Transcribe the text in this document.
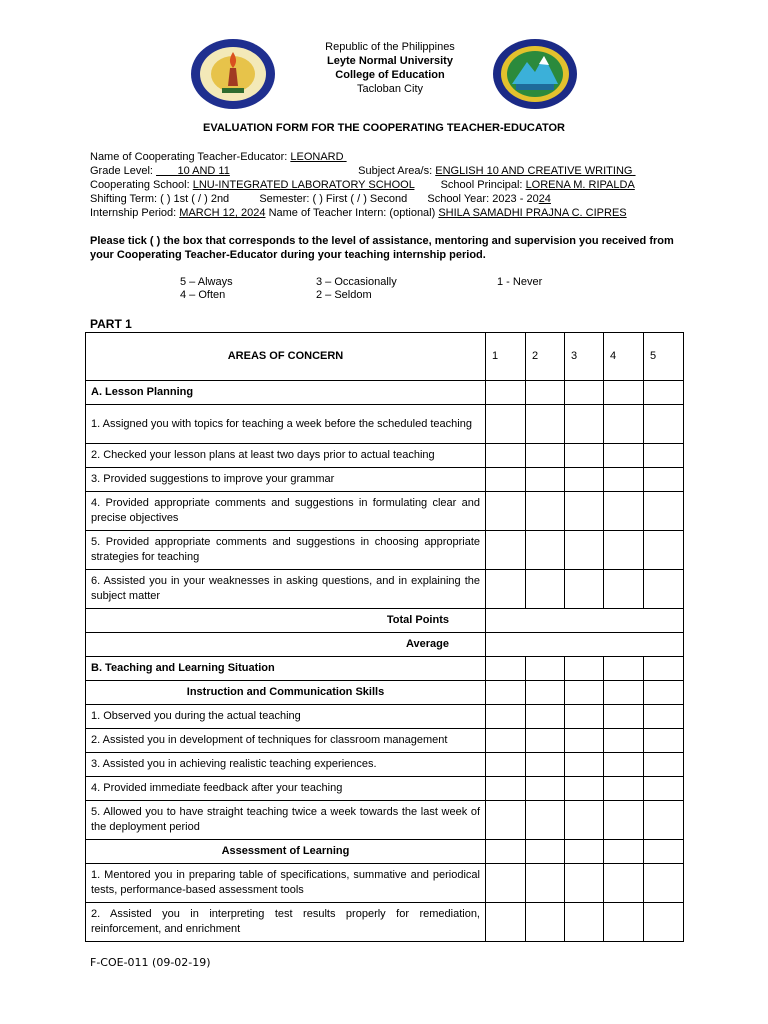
Republic of the Philippines
Leyte Normal University
College of Education
Tacloban City
EVALUATION FORM FOR THE COOPERATING TEACHER-EDUCATOR
Name of Cooperating Teacher-Educator: LEONARD
Grade Level: 10 AND 11	Subject Area/s: ENGLISH 10 AND CREATIVE WRITING
Cooperating School: LNU-INTEGRATED LABORATORY SCHOOL School Principal: LORENA M. RIPALDA
Shifting Term: ( ) 1st ( / ) 2nd	Semester: ( ) First ( / ) Second School Year: 2023 - 2024
Internship Period: MARCH 12, 2024 Name of Teacher Intern: (optional) SHILA SAMADHI PRAJNA C. CIPRES
Please tick ( ) the box that corresponds to the level of assistance, mentoring and supervision you received from your Cooperating Teacher-Educator during your teaching internship period.
5 – Always
4 – Often
3 – Occasionally
2 – Seldom
1 - Never
PART 1
AREAS OF CONCERN	1	2	3	4	5
A. Lesson Planning					
1. Assigned you with topics for teaching a week before the scheduled teaching					
2. Checked your lesson plans at least two days prior to actual teaching					
3. Provided suggestions to improve your grammar					
4. Provided appropriate comments and suggestions in formulating clear and precise objectives					
5. Provided appropriate comments and suggestions in choosing appropriate strategies for teaching					
6. Assisted you in your weaknesses in asking questions, and in explaining the subject matter					
Total Points					
Average					
B. Teaching and Learning Situation					
Instruction and Communication Skills					
1. Observed you during the actual teaching					
2. Assisted you in development of techniques for classroom management					
3. Assisted you in achieving realistic teaching experiences.					
4. Provided immediate feedback after your teaching					
5. Allowed you to have straight teaching twice a week towards the last week of the deployment period					
Assessment of Learning					
1. Mentored you in preparing table of specifications, summative and periodical tests, performance-based assessment tools					
2. Assisted you in interpreting test results properly for remediation, reinforcement, and enrichment					
F-COE-011 (09-02-19)
